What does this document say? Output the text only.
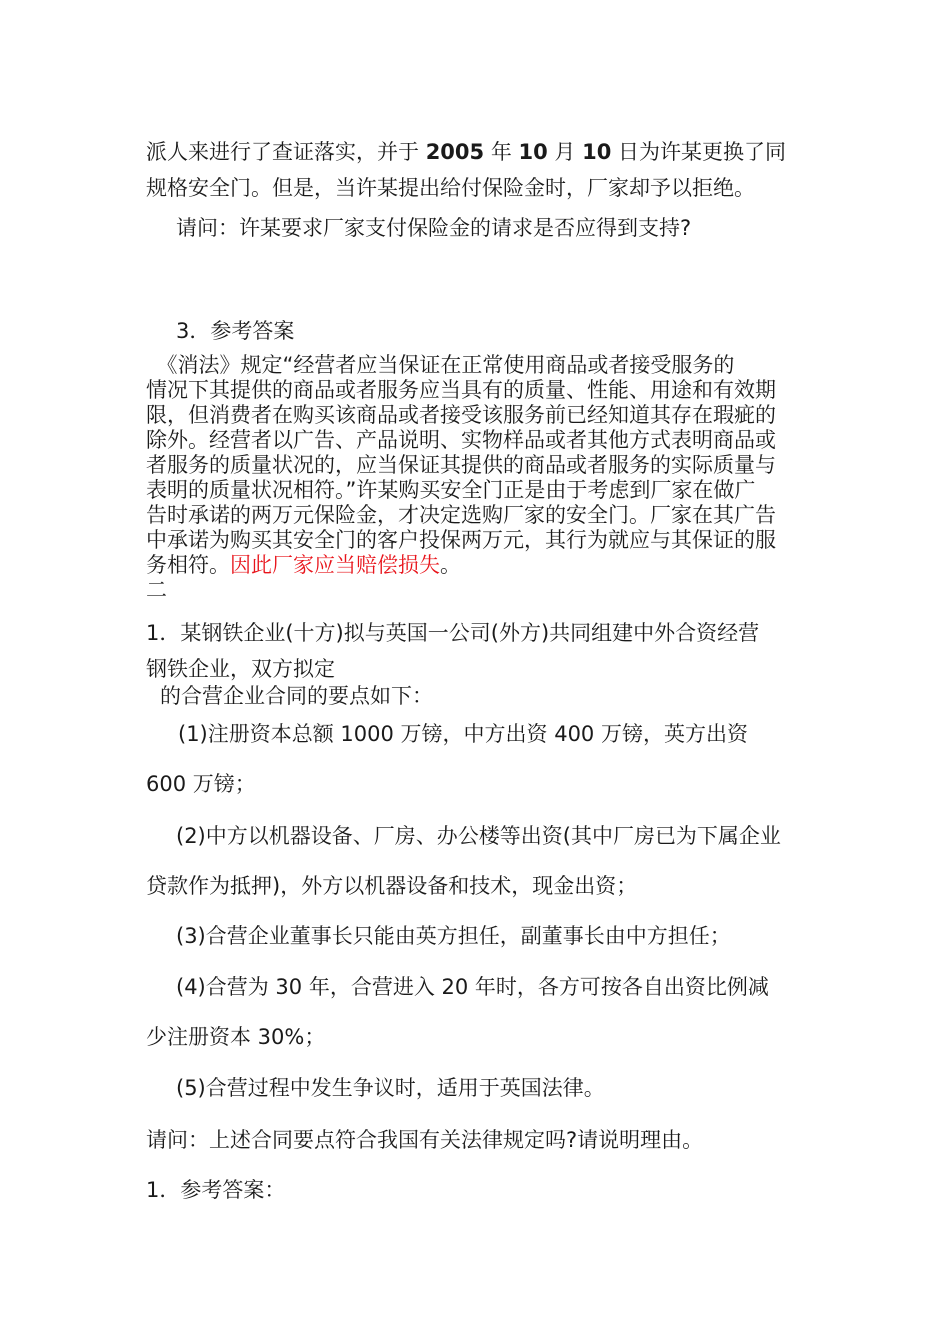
派人来进行了查证落实，并于 2005 年 10 月 10 日为许某更换了同
规格安全门。但是，当许某提出给付保险金时，厂家却予以拒绝。
请问：许某要求厂家支付保险金的请求是否应得到支持?
3．参考答案
　《消法》规定“经营者应当保证在正常使用商品或者接受服务的
情况下其提供的商品或者服务应当具有的质量、性能、用途和有效期
限，但消费者在购买该商品或者接受该服务前已经知道其存在瑕疵的
除外。经营者以广告、产品说明、实物样品或者其他方式表明商品或
者服务的质量状况的，应当保证其提供的商品或者服务的实际质量与
表明的质量状况相符。”许某购买安全门正是由于考虑到厂家在做广
告时承诺的两万元保险金，才决定选购厂家的安全门。厂家在其广告
中承诺为购买其安全门的客户投保两万元，其行为就应与其保证的服
务相符。因此厂家应当赔偿损失。
二
1．某钢铁企业(十方)拟与英国一公司(外方)共同组建中外合资经营
钢铁企业，双方拟定
的合营企业合同的要点如下：
(1)注册资本总额 1000 万镑，中方出资 400 万镑，英方出资
600 万镑；
(2)中方以机器设备、厂房、办公楼等出资(其中厂房已为下属企业
贷款作为抵押)，外方以机器设备和技术，现金出资；
(3)合营企业董事长只能由英方担任，副董事长由中方担任；
(4)合营为 30 年，合营进入 20 年时，各方可按各自出资比例减
少注册资本 30%；
(5)合营过程中发生争议时，适用于英国法律。
请问：上述合同要点符合我国有关法律规定吗?请说明理由。
1．参考答案：
